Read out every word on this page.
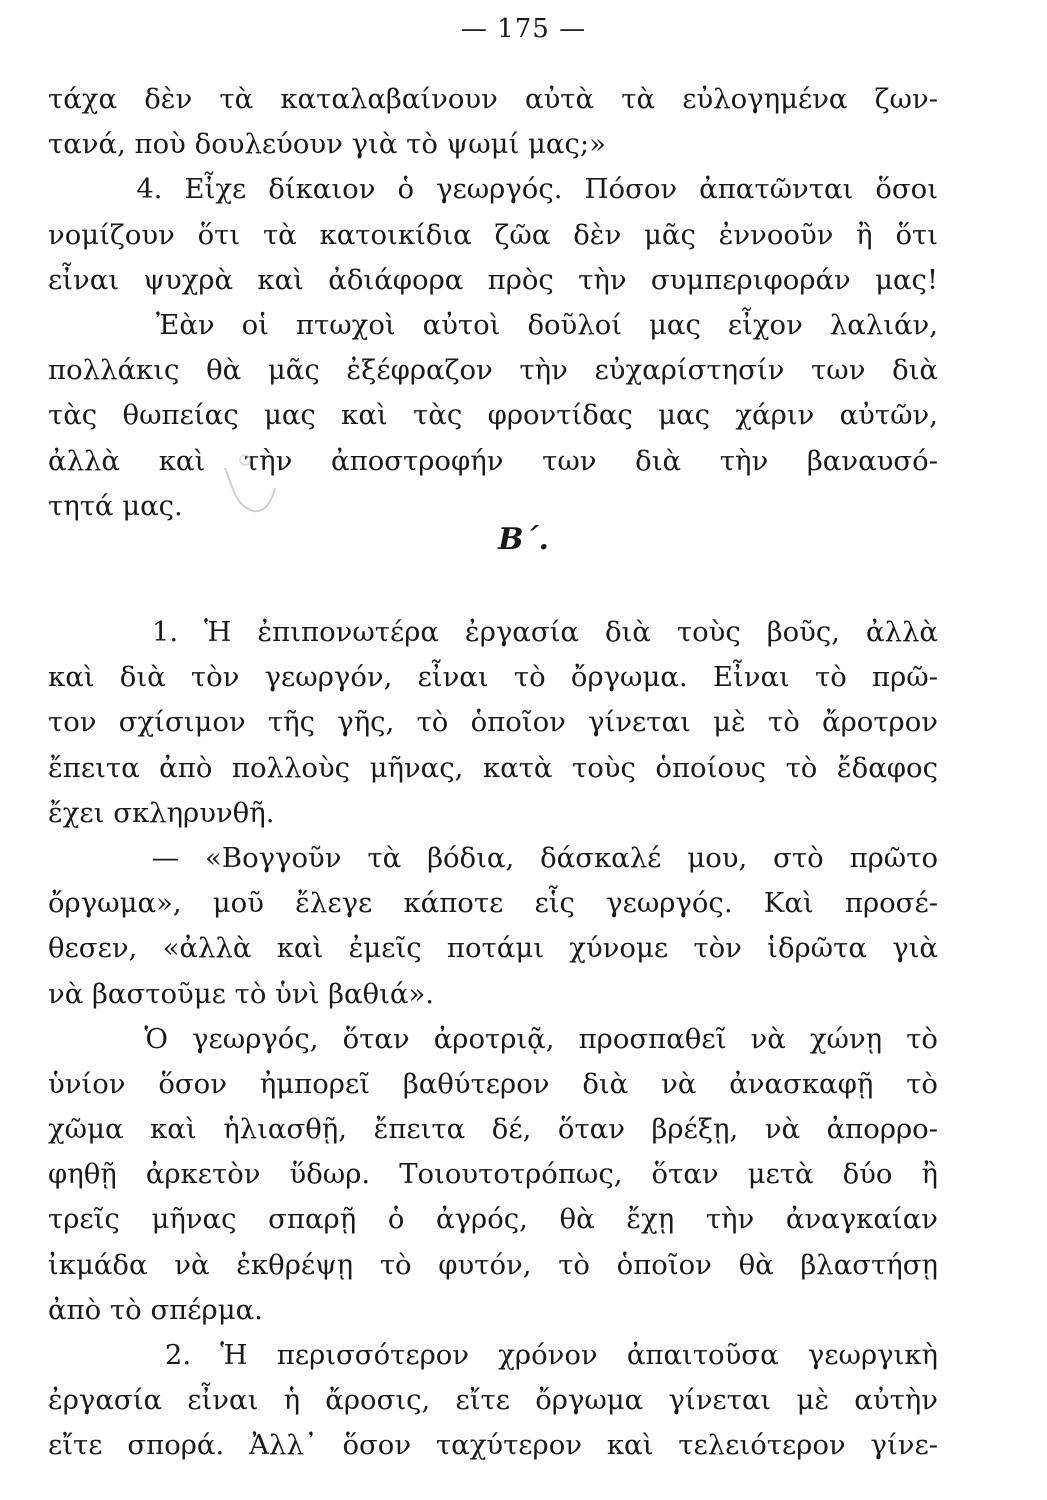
— 175 —
τάχα δὲν τὰ καταλαβαίνουν αὐτὰ τὰ εὐλογημένα ζων-
τανά, ποὺ δουλεύουν γιὰ τὸ ψωμί μας;»
4. Εἶχε δίκαιον ὁ γεωργός. Πόσον ἀπατῶνται ὅσοι
νομίζουν ὅτι τὰ κατοικίδια ζῶα δὲν μᾶς ἐννοοῦν ἢ ὅτι
εἶναι ψυχρὰ καὶ ἀδιάφορα πρὸς τὴν συμπεριφοράν μας!
Ἐὰν οἱ πτωχοὶ αὐτοὶ δοῦλοί μας εἶχον λαλιάν,
πολλάκις θὰ μᾶς ἐξέφραζον τὴν εὐχαρίστησίν των διὰ
τὰς θωπείας μας καὶ τὰς φροντίδας μας χάριν αὐτῶν,
ἀλλὰ καὶ τὴν ἀποστροφήν των διὰ τὴν βαναυσό-
τητά μας.
B΄.
1. Ἡ ἐπιπονωτέρα ἐργασία διὰ τοὺς βοῦς, ἀλλὰ
καὶ διὰ τὸν γεωργόν, εἶναι τὸ ὄργωμα. Εἶναι τὸ πρῶ-
τον σχίσιμον τῆς γῆς, τὸ ὁποῖον γίνεται μὲ τὸ ἄροτρον
ἔπειτα ἀπὸ πολλοὺς μῆνας, κατὰ τοὺς ὁποίους τὸ ἔδαφος
ἔχει σκληρυνθῆ.
— «Βογγοῦν τὰ βόδια, δάσκαλέ μου, στὸ πρῶτο
ὄργωμα», μοῦ ἔλεγε κάποτε εἷς γεωργός. Καὶ προσέ-
θεσεν, «ἀλλὰ καὶ ἐμεῖς ποτάμι χύνομε τὸν ἱδρῶτα γιὰ
νὰ βαστοῦμε τὸ ὑνὶ βαθιά».
Ὁ γεωργός, ὅταν ἀροτριᾷ, προσπαθεῖ νὰ χώνῃ τὸ
ὑνίον ὅσον ἠμπορεῖ βαθύτερον διὰ νὰ ἀνασκαφῇ τὸ
χῶμα καὶ ἡλιασθῇ, ἔπειτα δέ, ὅταν βρέξῃ, νὰ ἀπορρο-
φηθῇ ἀρκετὸν ὕδωρ. Τοιουτοτρόπως, ὅταν μετὰ δύο ἢ
τρεῖς μῆνας σπαρῇ ὁ ἀγρός, θὰ ἔχῃ τὴν ἀναγκαίαν
ἰκμάδα νὰ ἐκθρέψῃ τὸ φυτόν, τὸ ὁποῖον θὰ βλαστήσῃ
ἀπὸ τὸ σπέρμα.
2. Ἡ περισσότερον χρόνον ἀπαιτοῦσα γεωργικὴ
ἐργασία εἶναι ἡ ἄροσις, εἴτε ὄργωμα γίνεται μὲ αὐτὴν
εἴτε σπορά. Ἀλλ᾽ ὅσον ταχύτερον καὶ τελειότερον γίνε-
